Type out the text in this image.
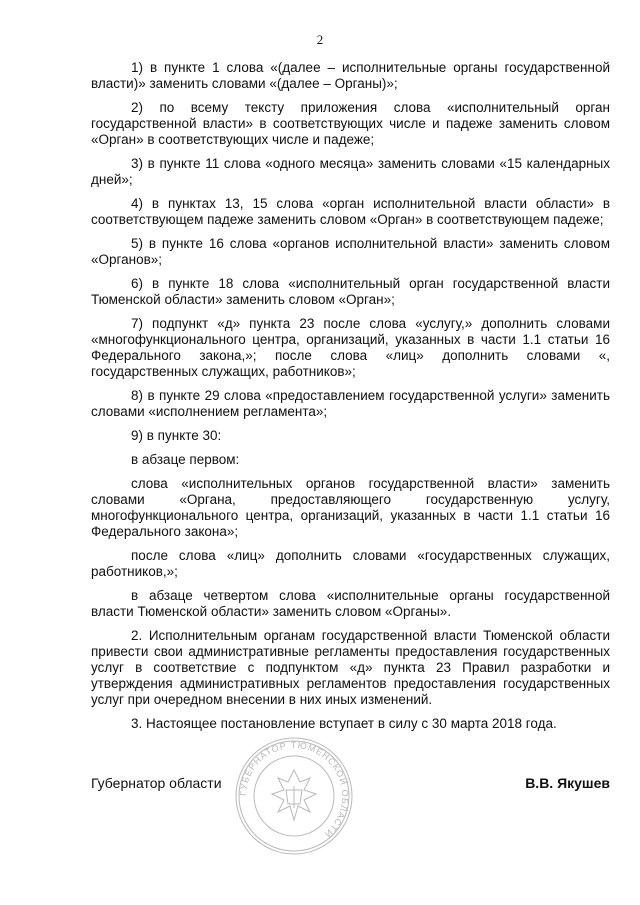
2

1) в пункте 1 слова «(далее – исполнительные органы государственной власти)» заменить словами «(далее – Органы)»;

2) по всему тексту приложения слова «исполнительный орган государственной власти» в соответствующих числе и падеже заменить словом «Орган» в соответствующих числе и падеже;

3) в пункте 11 слова «одного месяца» заменить словами «15 календарных дней»;

4) в пунктах 13, 15 слова «орган исполнительной власти области» в соответствующем падеже заменить словом «Орган» в соответствующем падеже;

5) в пункте 16 слова «органов исполнительной власти» заменить словом «Органов»;

6) в пункте 18 слова «исполнительный орган государственной власти Тюменской области» заменить словом «Орган»;

7) подпункт «д» пункта 23 после слова «услугу,» дополнить словами «многофункционального центра, организаций, указанных в части 1.1 статьи 16 Федерального закона,»; после слова «лиц» дополнить словами «, государственных служащих, работников»;

8) в пункте 29 слова «предоставлением государственной услуги» заменить словами «исполнением регламента»;

9) в пункте 30:

в абзаце первом:

слова «исполнительных органов государственной власти» заменить словами «Органа, предоставляющего государственную услугу, многофункционального центра, организаций, указанных в части 1.1 статьи 16 Федерального закона»;

после слова «лиц» дополнить словами «государственных служащих, работников,»;

в абзаце четвертом слова «исполнительные органы государственной власти Тюменской области» заменить словом «Органы».

2. Исполнительным органам государственной власти Тюменской области привести свои административные регламенты предоставления государственных услуг в соответствие с подпунктом «д» пункта 23 Правил разработки и утверждения административных регламентов предоставления государственных услуг при очередном внесении в них иных изменений.

3. Настоящее постановление вступает в силу с 30 марта 2018 года.

ГУБЕРНАТОР ТЮМЕНСКОЙ ОБЛАСТИ
Губернатор области	В.В. Якушев
